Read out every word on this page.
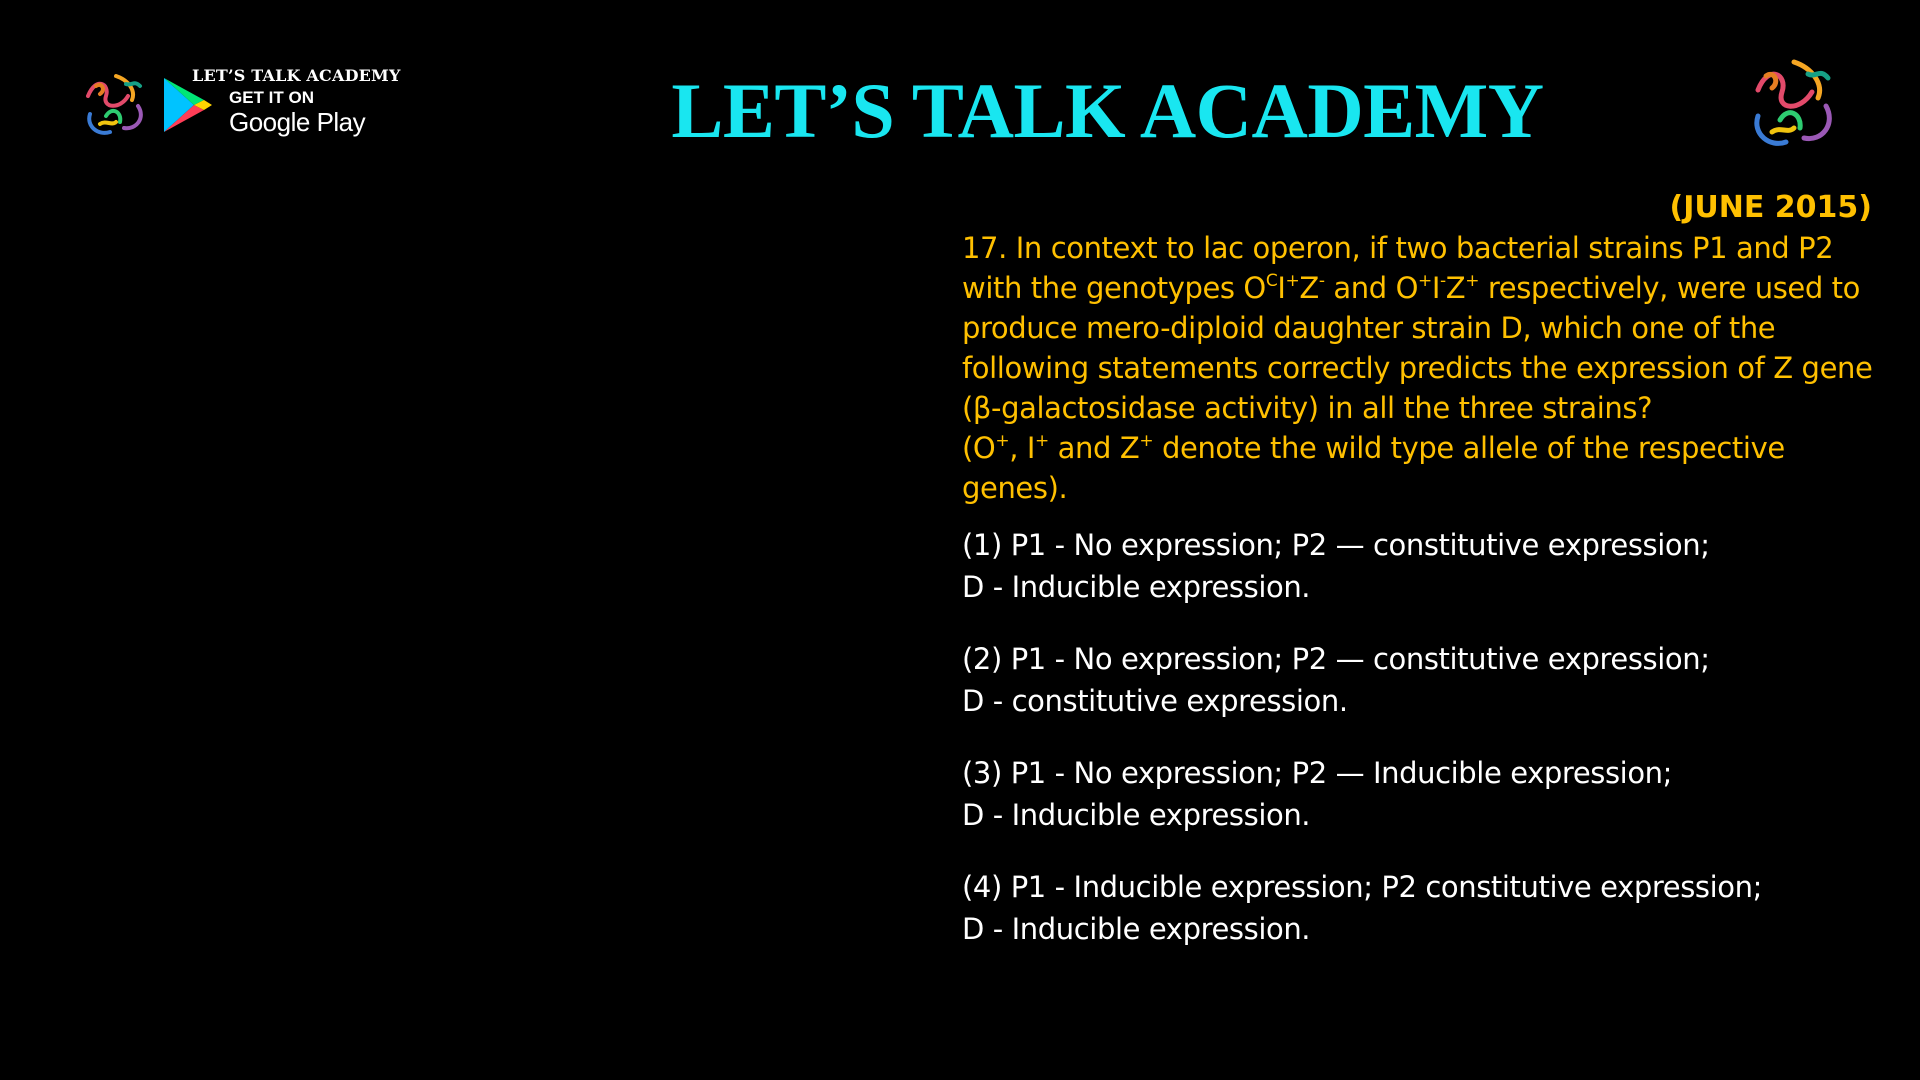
LET’S TALK ACADEMY
GET IT ON
Google Play	LET’S TALK ACADEMY
(JUNE 2015)

17. In context to lac operon, if two bacterial strains P1 and P2 with the genotypes $O^CI^+Z^-$ and O+I-Z+ respectively, were used to produce mero-diploid daughter strain D, which one of the following statements correctly predicts the expression of Z gene (β-galactosidase activity) in all the three strains?
(O+, I+ and Z+ denote the wild type allele of the respective genes).

(1) P1 - No expression; P2 — constitutive expression;
D - Inducible expression.

(2) P1 - No expression; P2 — constitutive expression;
D - constitutive expression.

(3) P1 - No expression; P2 — Inducible expression;
D - Inducible expression.

(4) P1 - Inducible expression; P2 constitutive expression;
D - Inducible expression.
